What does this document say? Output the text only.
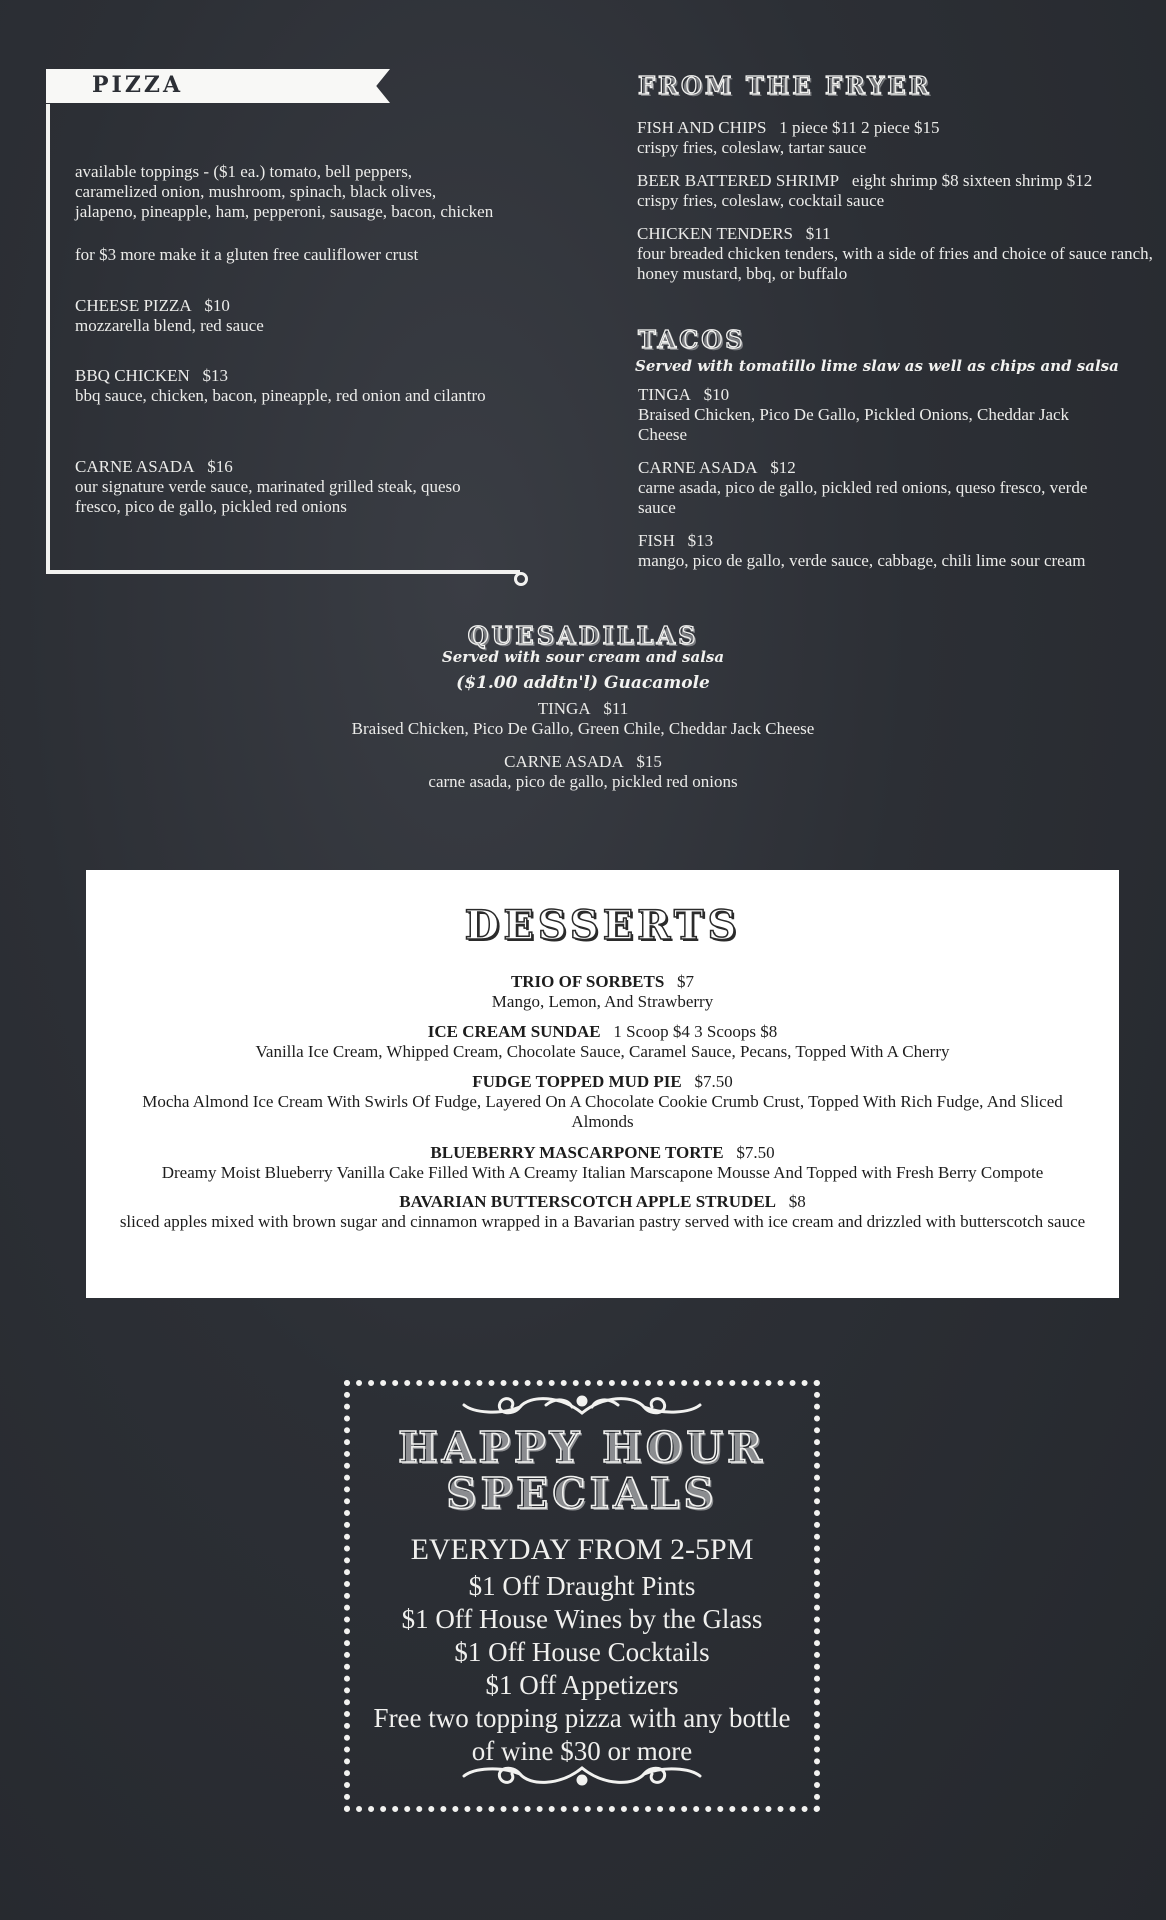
PIZZA
available toppings - ($1 ea.) tomato, bell peppers, caramelized onion, mushroom, spinach, black olives, jalapeno, pineapple, ham, pepperoni, sausage, bacon, chicken
for $3 more make it a gluten free cauliflower crust
CHEESE PIZZA $10
mozzarella blend, red sauce
BBQ CHICKEN $13
bbq sauce, chicken, bacon, pineapple, red onion and cilantro
CARNE ASADA $16
our signature verde sauce, marinated grilled steak, queso fresco, pico de gallo, pickled red onions
FROM THE FRYER
FISH AND CHIPS 1 piece $11 2 piece $15
crispy fries, coleslaw, tartar sauce
BEER BATTERED SHRIMP eight shrimp $8 sixteen shrimp $12
crispy fries, coleslaw, cocktail sauce
CHICKEN TENDERS $11
four breaded chicken tenders, with a side of fries and choice of sauce ranch, honey mustard, bbq, or buffalo
TACOS
Served with tomatillo lime slaw as well as chips and salsa
TINGA $10
Braised Chicken, Pico De Gallo, Pickled Onions, Cheddar Jack Cheese
CARNE ASADA $12
carne asada, pico de gallo, pickled red onions, queso fresco, verde sauce
FISH $13
mango, pico de gallo, verde sauce, cabbage, chili lime sour cream
QUESADILLAS
Served with sour cream and salsa
($1.00 addtn'l) Guacamole
TINGA $11
Braised Chicken, Pico De Gallo, Green Chile, Cheddar Jack Cheese
CARNE ASADA $15
carne asada, pico de gallo, pickled red onions
DESSERTS
TRIO OF SORBETS $7
Mango, Lemon, And Strawberry
ICE CREAM SUNDAE 1 Scoop $4 3 Scoops $8
Vanilla Ice Cream, Whipped Cream, Chocolate Sauce, Caramel Sauce, Pecans, Topped With A Cherry
FUDGE TOPPED MUD PIE $7.50
Mocha Almond Ice Cream With Swirls Of Fudge, Layered On A Chocolate Cookie Crumb Crust, Topped With Rich Fudge, And Sliced Almonds
BLUEBERRY MASCARPONE TORTE $7.50
Dreamy Moist Blueberry Vanilla Cake Filled With A Creamy Italian Marscapone Mousse And Topped with Fresh Berry Compote
BAVARIAN BUTTERSCOTCH APPLE STRUDEL $8
sliced apples mixed with brown sugar and cinnamon wrapped in a Bavarian pastry served with ice cream and drizzled with butterscotch sauce
HAPPY HOUR
SPECIALS
EVERYDAY FROM 2-5PM
$1 Off Draught Pints
$1 Off House Wines by the Glass
$1 Off House Cocktails
$1 Off Appetizers
Free two topping pizza with any bottle
of wine $30 or more
